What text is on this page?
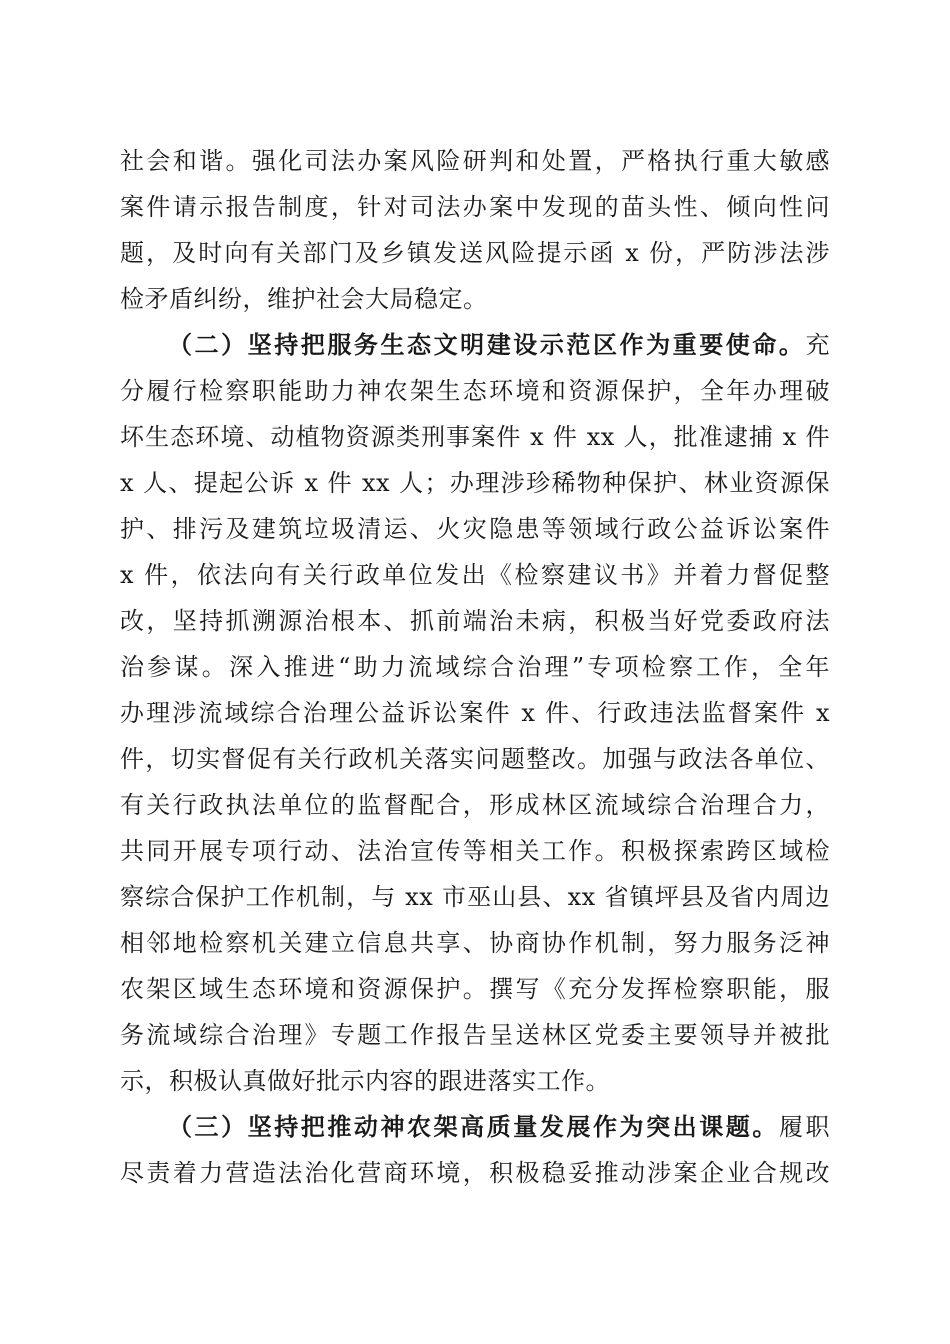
社会和谐。强化司法办案风险研判和处置，严格执行重大敏感
案件请示报告制度，针对司法办案中发现的苗头性、倾向性问
题，及时向有关部门及乡镇发送风险提示函 x 份，严防涉法涉
检矛盾纠纷，维护社会大局稳定。
（二）坚持把服务生态文明建设示范区作为重要使命。充
分履行检察职能助力神农架生态环境和资源保护，全年办理破
坏生态环境、动植物资源类刑事案件 x 件 xx 人，批准逮捕 x 件
x 人、提起公诉 x 件 xx 人；办理涉珍稀物种保护、林业资源保
护、排污及建筑垃圾清运、火灾隐患等领域行政公益诉讼案件
x 件，依法向有关行政单位发出《检察建议书》并着力督促整
改，坚持抓溯源治根本、抓前端治未病，积极当好党委政府法
治参谋。深入推进“助力流域综合治理”专项检察工作，全年
办理涉流域综合治理公益诉讼案件 x 件、行政违法监督案件 x
件，切实督促有关行政机关落实问题整改。加强与政法各单位、
有关行政执法单位的监督配合，形成林区流域综合治理合力，
共同开展专项行动、法治宣传等相关工作。积极探索跨区域检
察综合保护工作机制，与 xx 市巫山县、xx 省镇坪县及省内周边
相邻地检察机关建立信息共享、协商协作机制，努力服务泛神
农架区域生态环境和资源保护。撰写《充分发挥检察职能，服
务流域综合治理》专题工作报告呈送林区党委主要领导并被批
示，积极认真做好批示内容的跟进落实工作。
（三）坚持把推动神农架高质量发展作为突出课题。履职
尽责着力营造法治化营商环境，积极稳妥推动涉案企业合规改
